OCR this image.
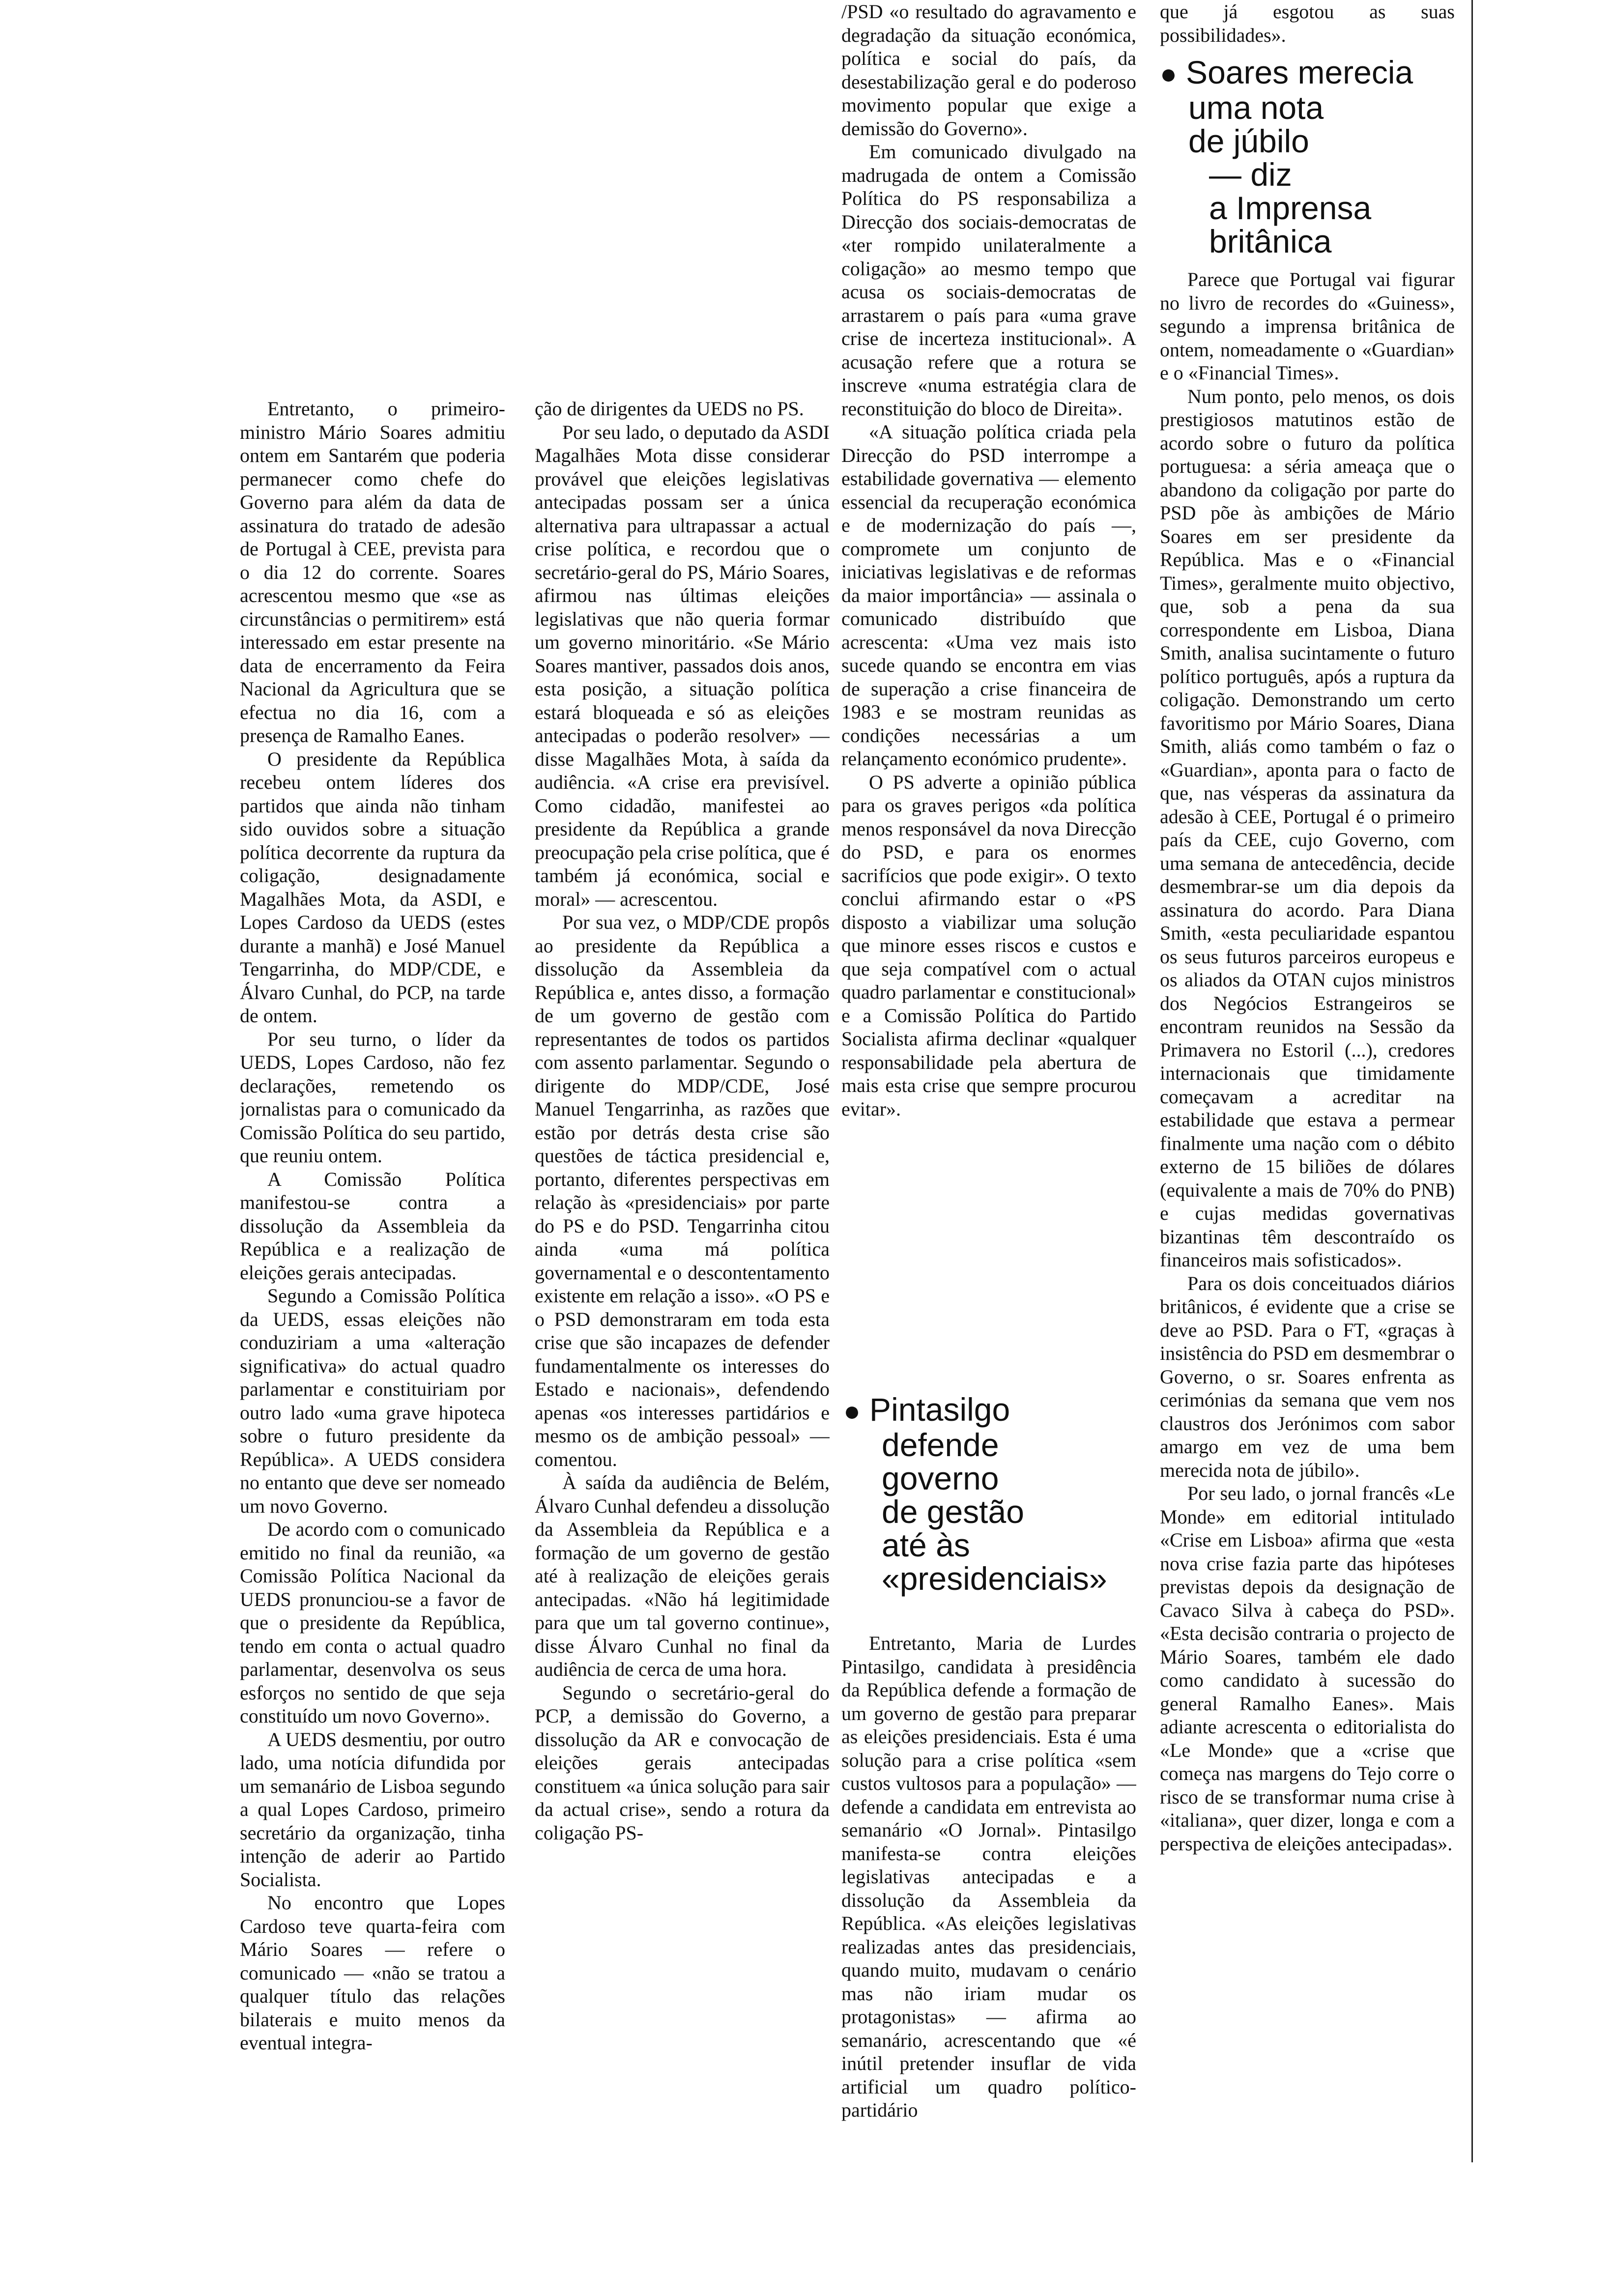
Entretanto, o primeiro-ministro Mário Soares admitiu ontem em Santarém que poderia permanecer como chefe do Governo para além da data de assinatura do tratado de adesão de Portugal à CEE, prevista para o dia 12 do corrente. Soares acrescentou mesmo que «se as circunstâncias o permitirem» está interessado em estar presente na data de encerramento da Feira Nacional da Agricultura que se efectua no dia 16, com a presença de Ramalho Eanes.

O presidente da República recebeu ontem líderes dos partidos que ainda não tinham sido ouvidos sobre a situação política decorrente da ruptura da coligação, designadamente Magalhães Mota, da ASDI, e Lopes Cardoso da UEDS (estes durante a manhã) e José Manuel Tengarrinha, do MDP/CDE, e Álvaro Cunhal, do PCP, na tarde de ontem.

Por seu turno, o líder da UEDS, Lopes Cardoso, não fez declarações, remetendo os jornalistas para o comunicado da Comissão Política do seu partido, que reuniu ontem.

A Comissão Política manifestou-se contra a dissolução da Assembleia da República e a realização de eleições gerais antecipadas.

Segundo a Comissão Política da UEDS, essas eleições não conduziriam a uma «alteração significativa» do actual quadro parlamentar e constituiriam por outro lado «uma grave hipoteca sobre o futuro presidente da República». A UEDS considera no entanto que deve ser nomeado um novo Governo.

De acordo com o comunicado emitido no final da reunião, «a Comissão Política Nacional da UEDS pronunciou-se a favor de que o presidente da República, tendo em conta o actual quadro parlamentar, desenvolva os seus esforços no sentido de que seja constituído um novo Governo».

A UEDS desmentiu, por outro lado, uma notícia difundida por um semanário de Lisboa segundo a qual Lopes Cardoso, primeiro secretário da organização, tinha intenção de aderir ao Partido Socialista.

No encontro que Lopes Cardoso teve quarta-feira com Mário Soares — refere o comunicado — «não se tratou a qualquer título das relações bilaterais e muito menos da eventual integra-

ção de dirigentes da UEDS no PS.

Por seu lado, o deputado da ASDI Magalhães Mota disse considerar provável que eleições legislativas antecipadas possam ser a única alternativa para ultrapassar a actual crise política, e recordou que o secretário-geral do PS, Mário Soares, afirmou nas últimas eleições legislativas que não queria formar um governo minoritário. «Se Mário Soares mantiver, passados dois anos, esta posição, a situação política estará bloqueada e só as eleições antecipadas o poderão resolver» — disse Magalhães Mota, à saída da audiência. «A crise era previsível. Como cidadão, manifestei ao presidente da República a grande preocupação pela crise política, que é também já económica, social e moral» — acrescentou.

Por sua vez, o MDP/CDE propôs ao presidente da República a dissolução da Assembleia da República e, antes disso, a formação de um governo de gestão com representantes de todos os partidos com assento parlamentar. Segundo o dirigente do MDP/CDE, José Manuel Tengarrinha, as razões que estão por detrás desta crise são questões de táctica presidencial e, portanto, diferentes perspectivas em relação às «presidenciais» por parte do PS e do PSD. Tengarrinha citou ainda «uma má política governamental e o descontentamento existente em relação a isso». «O PS e o PSD demonstraram em toda esta crise que são incapazes de defender fundamentalmente os interesses do Estado e nacionais», defendendo apenas «os interesses partidários e mesmo os de ambição pessoal» — comentou.

À saída da audiência de Belém, Álvaro Cunhal defendeu a dissolução da Assembleia da República e a formação de um governo de gestão até à realização de eleições gerais antecipadas. «Não há legitimidade para que um tal governo continue», disse Álvaro Cunhal no final da audiência de cerca de uma hora.

Segundo o secretário-geral do PCP, a demissão do Governo, a dissolução da AR e convocação de eleições gerais antecipadas constituem «a única solução para sair da actual crise», sendo a rotura da coligação PS-

/PSD «o resultado do agravamento e degradação da situação económica, política e social do país, da desestabilização geral e do poderoso movimento popular que exige a demissão do Governo».

Em comunicado divulgado na madrugada de ontem a Comissão Política do PS responsabiliza a Direcção dos sociais-democratas de «ter rompido unilateralmente a coligação» ao mesmo tempo que acusa os sociais-democratas de arrastarem o país para «uma grave crise de incerteza institucional». A acusação refere que a rotura se inscreve «numa estratégia clara de reconstituição do bloco de Direita».

«A situação política criada pela Direcção do PSD interrompe a estabilidade governativa — elemento essencial da recuperação económica e de modernização do país —, compromete um conjunto de iniciativas legislativas e de reformas da maior importância» — assinala o comunicado distribuído que acrescenta: «Uma vez mais isto sucede quando se encontra em vias de superação a crise financeira de 1983 e se mostram reunidas as condições necessárias a um relançamento económico prudente».

O PS adverte a opinião pública para os graves perigos «da política menos responsável da nova Direcção do PSD, e para os enormes sacrifícios que pode exigir». O texto conclui afirmando estar o «PS disposto a viabilizar uma solução que minore esses riscos e custos e que seja compatível com o actual quadro parlamentar e constitucional» e a Comissão Política do Partido Socialista afirma declinar «qualquer responsabilidade pela abertura de mais esta crise que sempre procurou evitar».

● Pintasilgo
defende
governo
de gestão
até às
«presidenciais»

Entretanto, Maria de Lurdes Pintasilgo, candidata à presidência da República defende a formação de um governo de gestão para preparar as eleições presidenciais. Esta é uma solução para a crise política «sem custos vultosos para a população» — defende a candidata em entrevista ao semanário «O Jornal». Pintasilgo manifesta-se contra eleições legislativas antecipadas e a dissolução da Assembleia da República. «As eleições legislativas realizadas antes das presidenciais, quando muito, mudavam o cenário mas não iriam mudar os protagonistas» — afirma ao semanário, acrescentando que «é inútil pretender insuflar de vida artificial um quadro político-partidário

que já esgotou as suas possibilidades».

● Soares merecia
uma nota
de júbilo
— diz
a Imprensa
britânica

Parece que Portugal vai figurar no livro de recordes do «Guiness», segundo a imprensa britânica de ontem, nomeadamente o «Guardian» e o «Financial Times».

Num ponto, pelo menos, os dois prestigiosos matutinos estão de acordo sobre o futuro da política portuguesa: a séria ameaça que o abandono da coligação por parte do PSD põe às ambições de Mário Soares em ser presidente da República. Mas e o «Financial Times», geralmente muito objectivo, que, sob a pena da sua correspondente em Lisboa, Diana Smith, analisa sucintamente o futuro político português, após a ruptura da coligação. Demonstrando um certo favoritismo por Mário Soares, Diana Smith, aliás como também o faz o «Guardian», aponta para o facto de que, nas vésperas da assinatura da adesão à CEE, Portugal é o primeiro país da CEE, cujo Governo, com uma semana de antecedência, decide desmembrar-se um dia depois da assinatura do acordo. Para Diana Smith, «esta peculiaridade espantou os seus futuros parceiros europeus e os aliados da OTAN cujos ministros dos Negócios Estrangeiros se encontram reunidos na Sessão da Primavera no Estoril (...), credores internacionais que timidamente começavam a acreditar na estabilidade que estava a permear finalmente uma nação com o débito externo de 15 biliões de dólares (equivalente a mais de 70% do PNB) e cujas medidas governativas bizantinas têm descontraído os financeiros mais sofisticados».

Para os dois conceituados diários britânicos, é evidente que a crise se deve ao PSD. Para o FT, «graças à insistência do PSD em desmembrar o Governo, o sr. Soares enfrenta as cerimónias da semana que vem nos claustros dos Jerónimos com sabor amargo em vez de uma bem merecida nota de júbilo».

Por seu lado, o jornal francês «Le Monde» em editorial intitulado «Crise em Lisboa» afirma que «esta nova crise fazia parte das hipóteses previstas depois da designação de Cavaco Silva à cabeça do PSD». «Esta decisão contraria o projecto de Mário Soares, também ele dado como candidato à sucessão do general Ramalho Eanes». Mais adiante acrescenta o editorialista do «Le Monde» que a «crise que começa nas margens do Tejo corre o risco de se transformar numa crise à «italiana», quer dizer, longa e com a perspectiva de eleições antecipadas».
